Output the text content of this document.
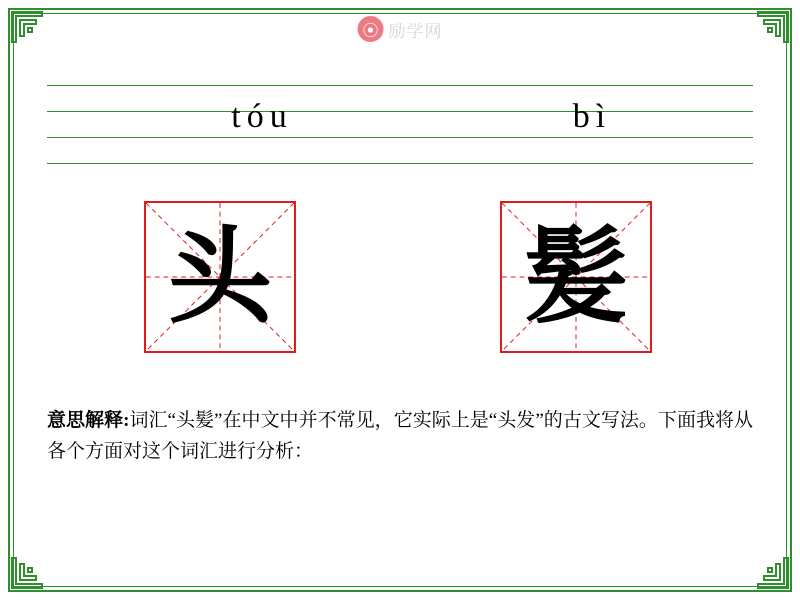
⦿ 励学网
tóu	bì
头 髪
意思解释:词汇“头髪”在中文中并不常见，它实际上是“头发”的古文写法。下面我将从各个方面对这个词汇进行分析：
